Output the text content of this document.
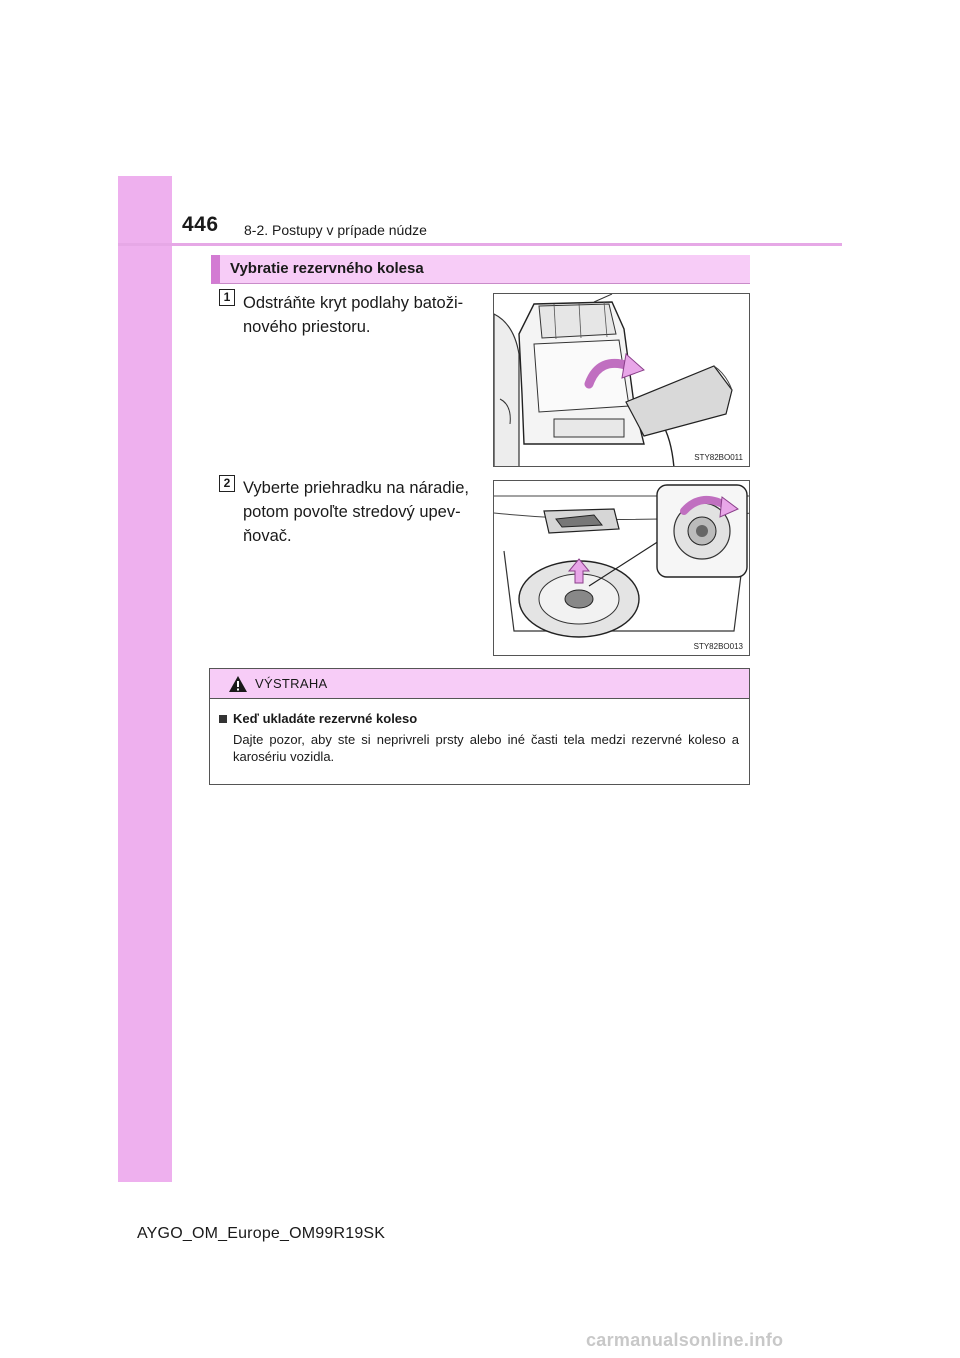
446 8-2. Postupy v prípade núdze
Vybratie rezervného kolesa
1 Odstráňte kryt podlahy batoži-
nového priestoru.
STY82BO011
2 Vyberte priehradku na náradie,
potom povoľte stredový upev-
ňovač.
STY82BO013
VÝSTRAHA
Keď ukladáte rezervné koleso
Dajte pozor, aby ste si neprivreli prsty alebo iné časti tela medzi rezervné koleso a karosériu vozidla.
AYGO_OM_Europe_OM99R19SK
carmanualsonline.info
